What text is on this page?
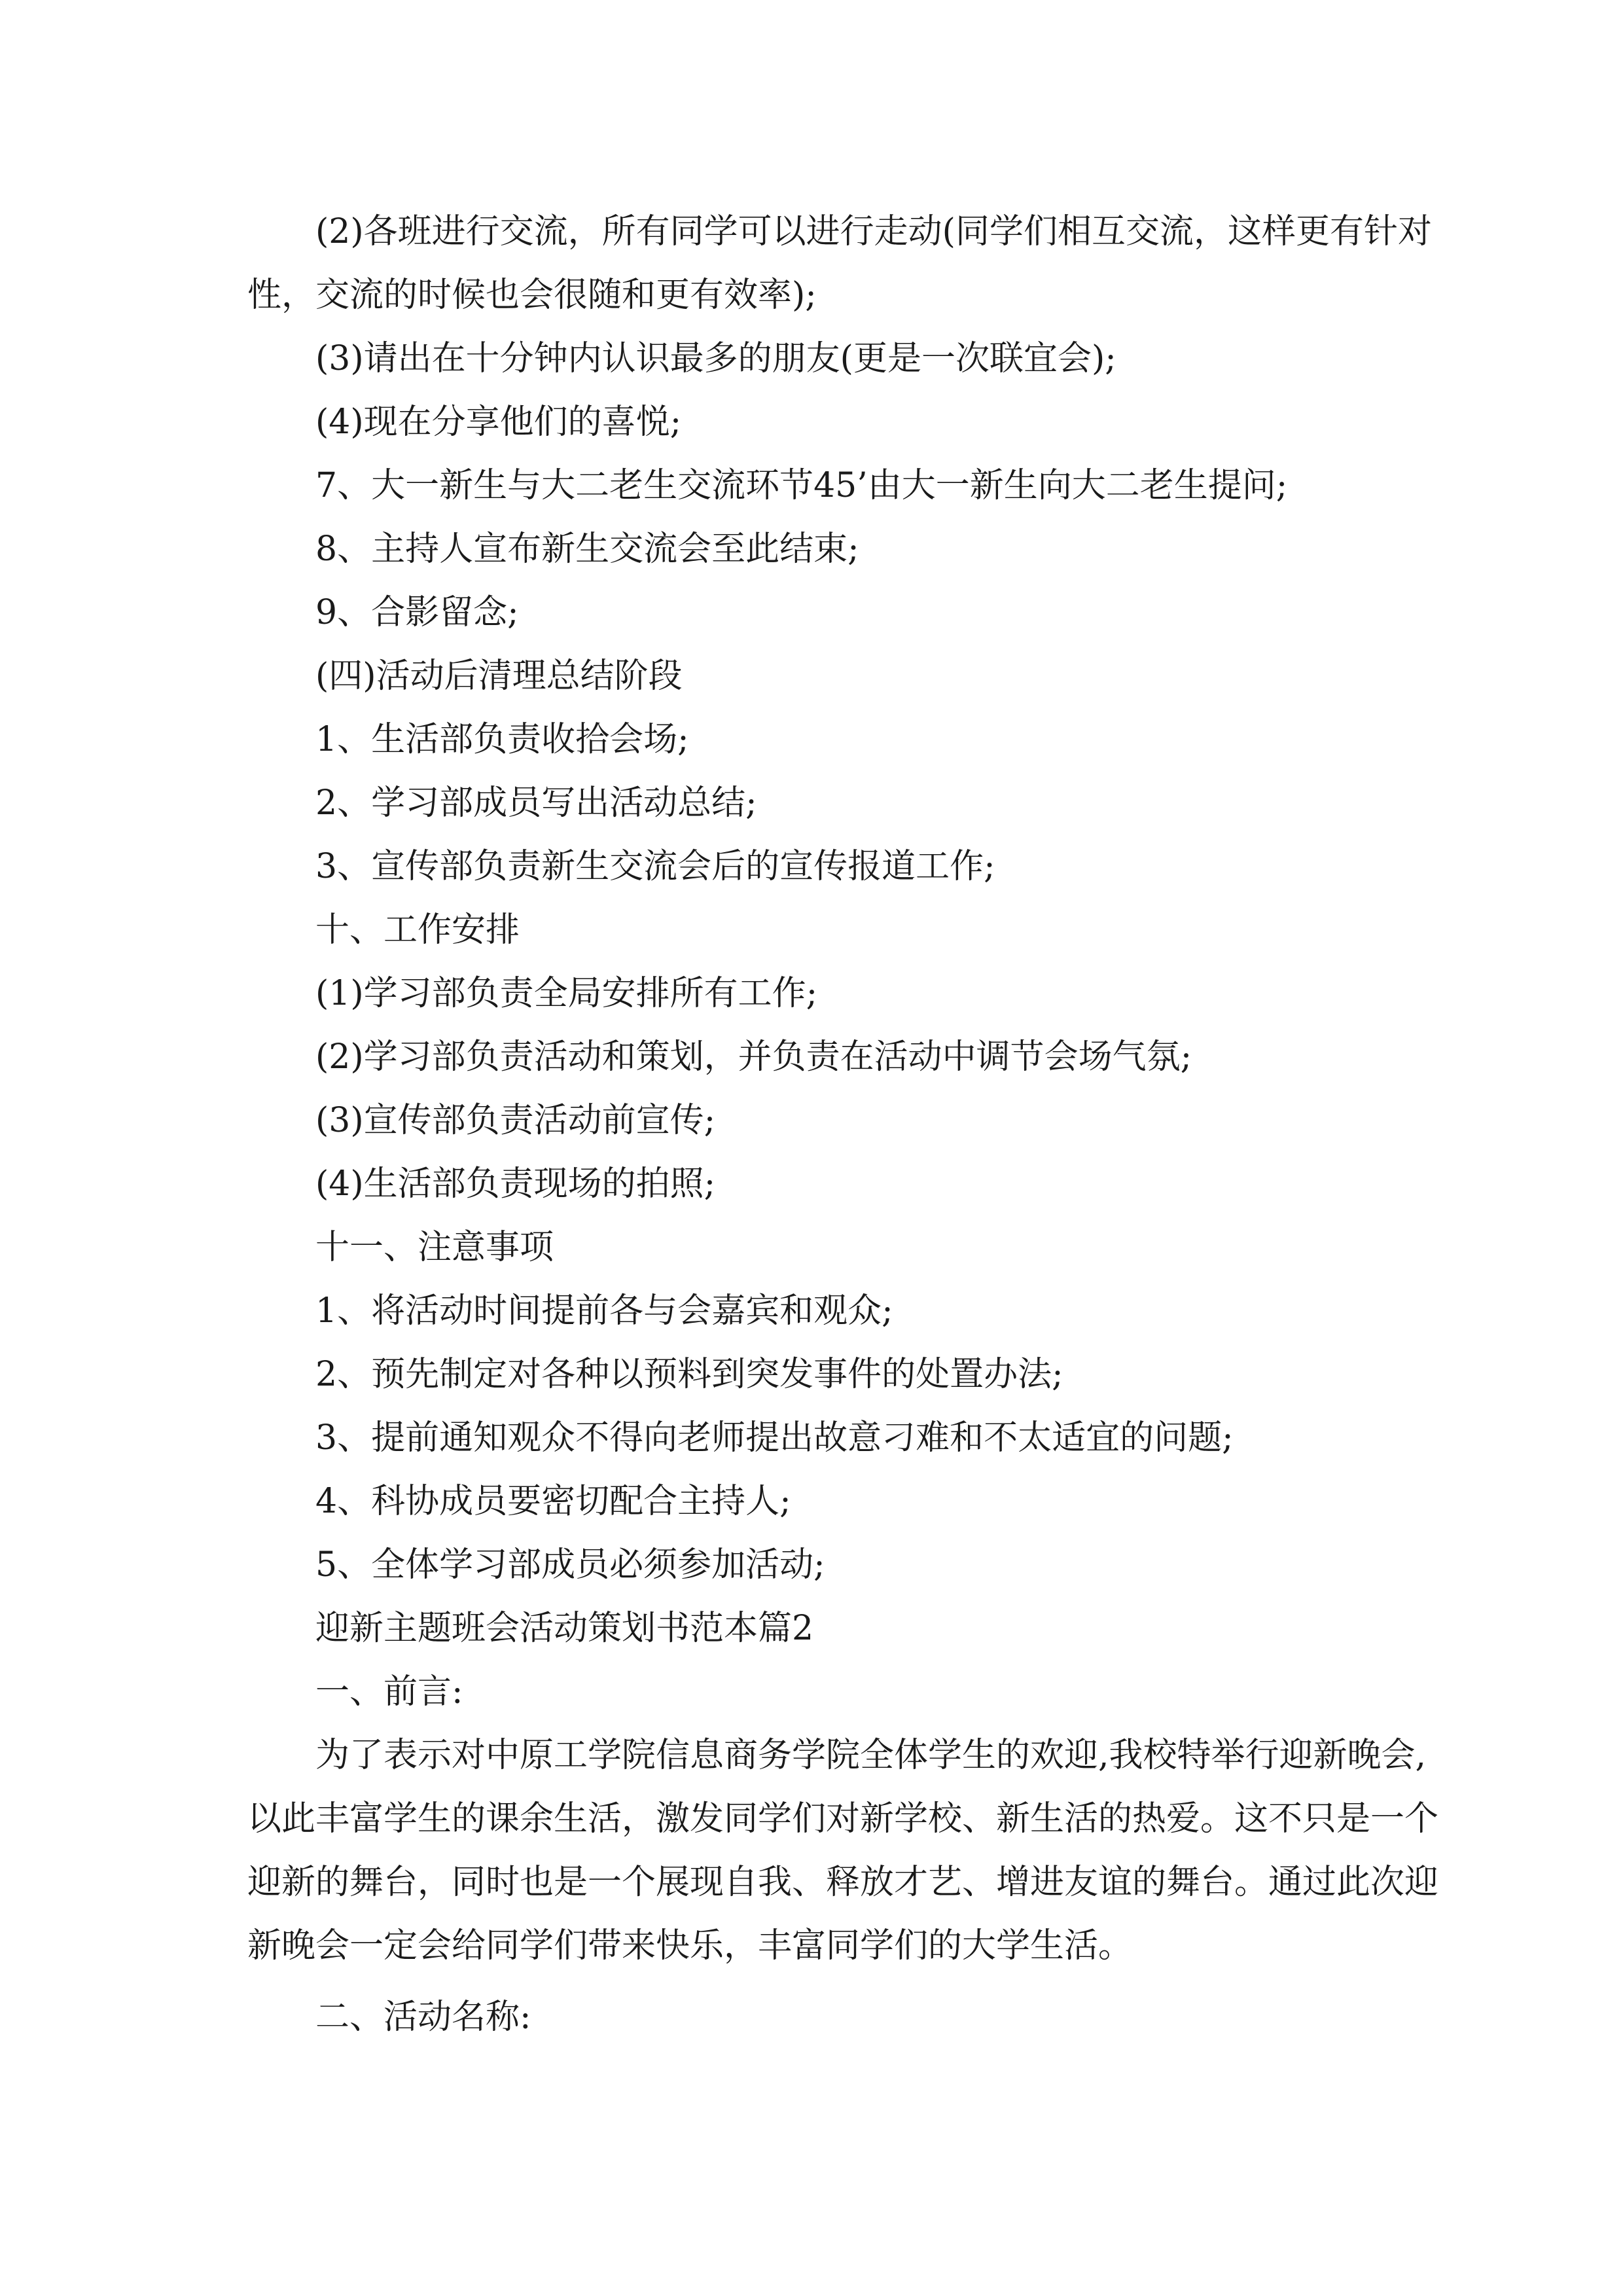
(2)各班进行交流，所有同学可以进行走动(同学们相互交流，这样更有针对

性，交流的时候也会很随和更有效率);

(3)请出在十分钟内认识最多的朋友(更是一次联宜会);

(4)现在分享他们的喜悦;

7、大一新生与大二老生交流环节45’由大一新生向大二老生提问;

8、主持人宣布新生交流会至此结束;

9、合影留念;

(四)活动后清理总结阶段

1、生活部负责收拾会场;

2、学习部成员写出活动总结;

3、宣传部负责新生交流会后的宣传报道工作;

十、工作安排

(1)学习部负责全局安排所有工作;

(2)学习部负责活动和策划，并负责在活动中调节会场气氛;

(3)宣传部负责活动前宣传;

(4)生活部负责现场的拍照;

十一、注意事项

1、将活动时间提前各与会嘉宾和观众;

2、预先制定对各种以预料到突发事件的处置办法;

3、提前通知观众不得向老师提出故意刁难和不太适宜的问题;

4、科协成员要密切配合主持人;

5、全体学习部成员必须参加活动;

迎新主题班会活动策划书范本篇2

一、前言:

为了表示对中原工学院信息商务学院全体学生的欢迎,我校特举行迎新晚会,

以此丰富学生的课余生活，激发同学们对新学校、新生活的热爱。这不只是一个

迎新的舞台，同时也是一个展现自我、释放才艺、增进友谊的舞台。通过此次迎

新晚会一定会给同学们带来快乐，丰富同学们的大学生活。

二、活动名称:
